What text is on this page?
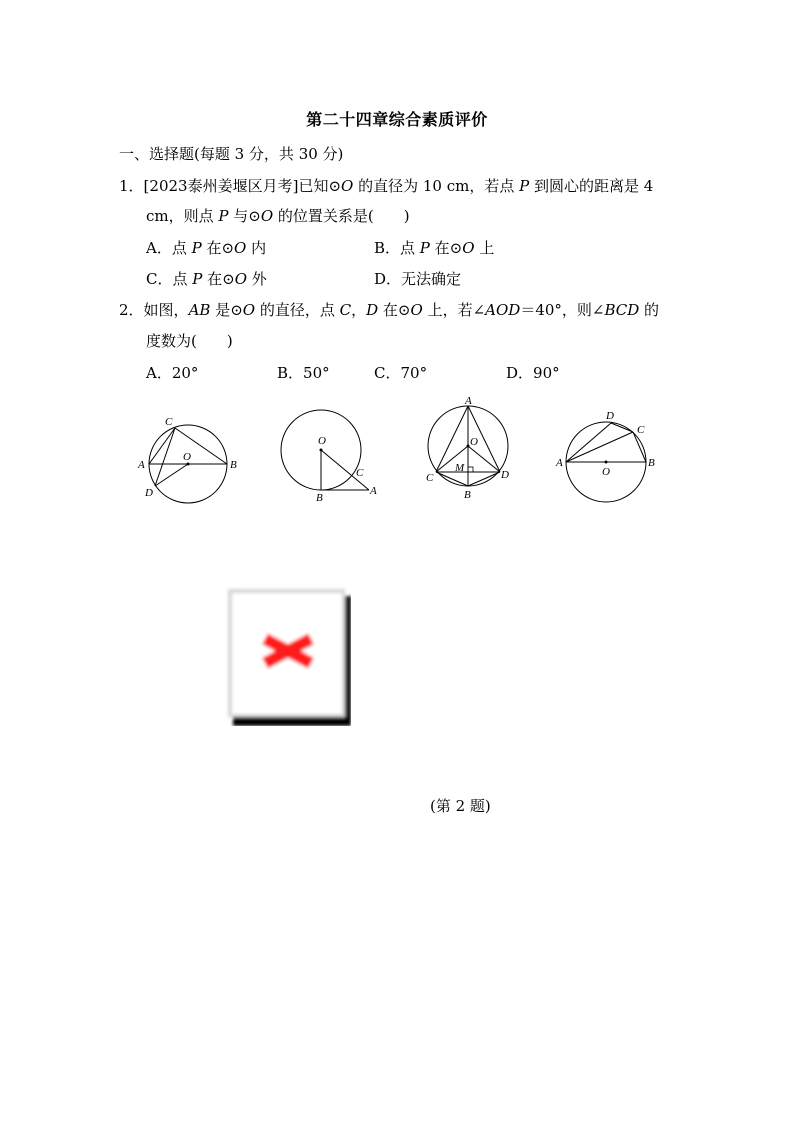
第二十四章综合素质评价
一、选择题(每题 3 分，共 30 分)
1．[2023泰州姜堰区月考]已知⊙O 的直径为 10 cm，若点 P 到圆心的距离是 4
cm，则点 P 与⊙O 的位置关系是(　　)
A．点 P 在⊙O 内	B．点 P 在⊙O 上
C．点 P 在⊙O 外	D．无法确定
2．如图，AB 是⊙O 的直径，点 C，D 在⊙O 上，若∠AOD＝40°，则∠BCD 的
度数为(　　)
A．20°	B．50°	C．70°	D．90°
C
A
O
B
D
O
C
B
A
A
O
M
C	D
B
D
C
A	B
O
(第 2 题)
